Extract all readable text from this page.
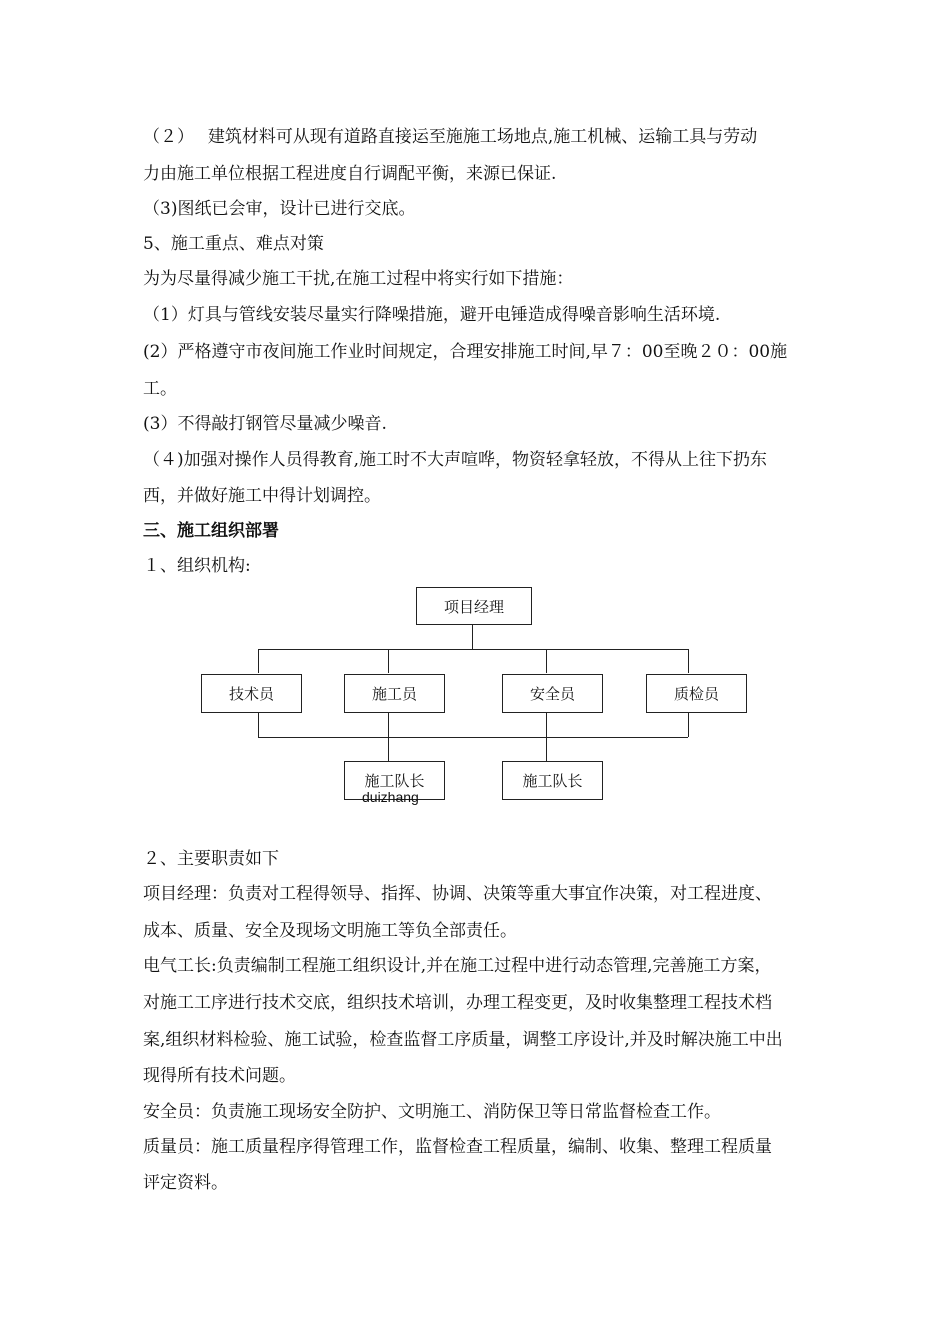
（２）　 建筑材料可从现有道路直接运至施施工场地点,施工机械、运输工具与劳动
力由施工单位根据工程进度自行调配平衡，来源已保证.
（3)图纸已会审，设计已进行交底。
5、施工重点、难点对策
为为尽量得减少施工干扰,在施工过程中将实行如下措施：
（1）灯具与管线安装尽量实行降噪措施，避开电锤造成得噪音影响生活环境.
(2）严格遵守市夜间施工作业时间规定，合理安排施工时间,早７：00至晚２０：00施
工。
(3）不得敲打钢管尽量减少噪音.
（４)加强对操作人员得教育,施工时不大声喧哗，物资轻拿轻放，不得从上往下扔东
西，并做好施工中得计划调控。
三、施工组织部署
１、组织机构:
项目经理
技术员	施工员	安全员	质检员
施工队长	施工队长
duizhang
２、主要职责如下
项目经理：负责对工程得领导、指挥、协调、决策等重大事宜作决策，对工程进度、
成本、质量、安全及现场文明施工等负全部责任。
电气工长:负责编制工程施工组织设计,并在施工过程中进行动态管理,完善施工方案，
对施工工序进行技术交底，组织技术培训，办理工程变更，及时收集整理工程技术档
案,组织材料检验、施工试验，检查监督工序质量，调整工序设计,并及时解决施工中出
现得所有技术问题。
安全员：负责施工现场安全防护、文明施工、消防保卫等日常监督检查工作。
质量员：施工质量程序得管理工作，监督检查工程质量，编制、收集、整理工程质量
评定资料。
